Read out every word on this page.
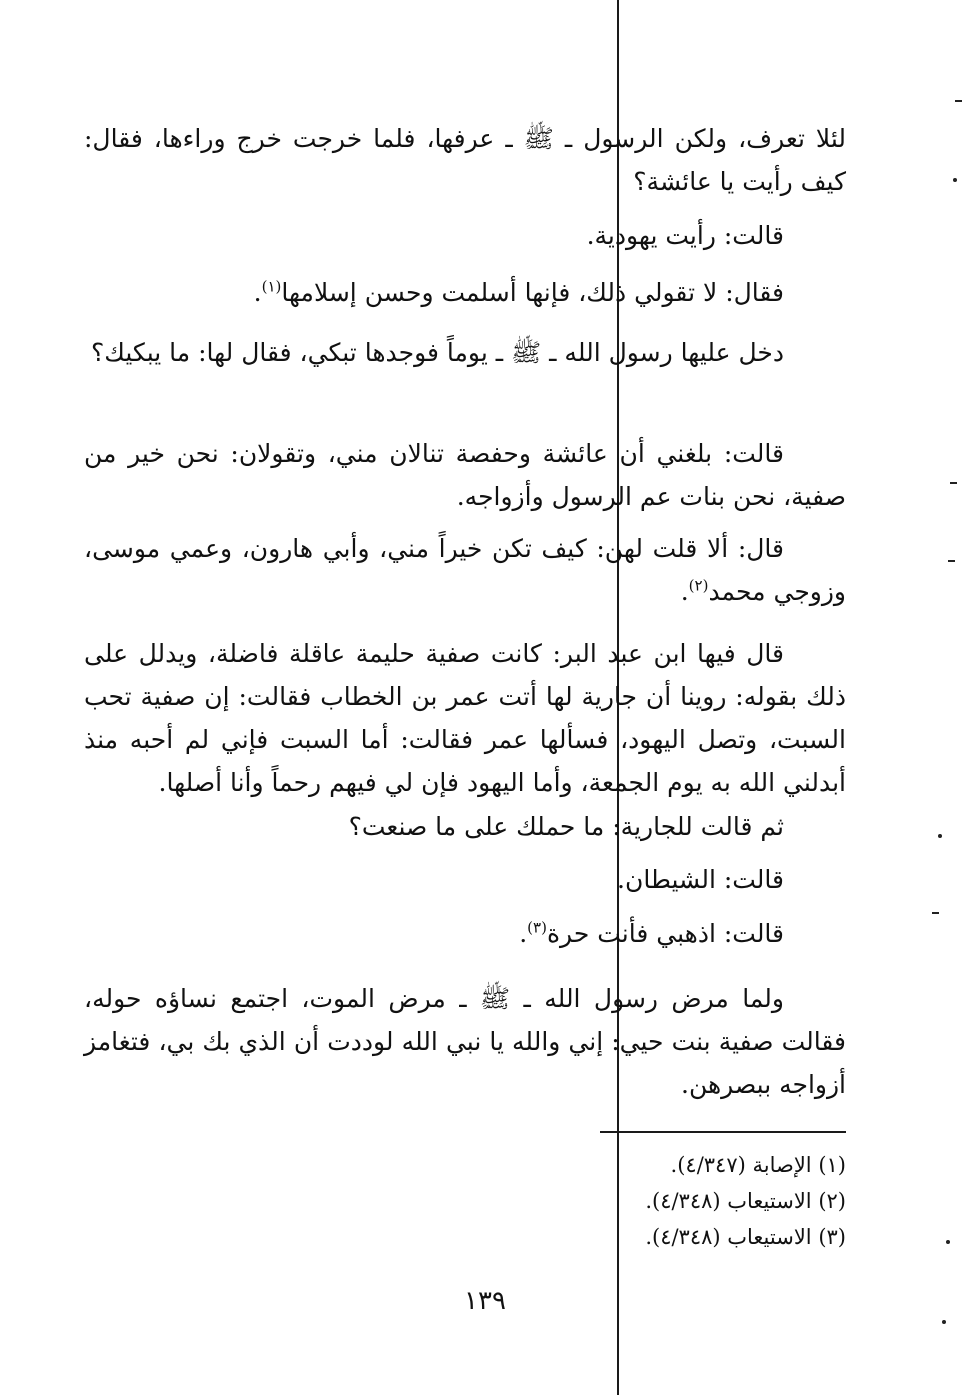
لئلا تعرف، ولكن الرسول ـ ﷺ ـ عرفها، فلما خرجت خرج وراءها، فقال: كيف رأيت يا عائشة؟

قالت: رأيت يهودية.

فقال: لا تقولي ذلك، فإنها أسلمت وحسن إسلامها$^{(١)}$.

دخل عليها رسول الله ـ ﷺ ـ يوماً فوجدها تبكي، فقال لها: ما يبكيك؟

قالت: بلغني أن عائشة وحفصة تنالان مني، وتقولان: نحن خير من صفية، نحن بنات عم الرسول وأزواجه.

قال: ألا قلت لهن: كيف تكن خيراً مني، وأبي هارون، وعمي موسى، وزوجي محمد$^{(٢)}$.

قال فيها ابن عبد البر: كانت صفية حليمة عاقلة فاضلة، ويدلل على ذلك بقوله: روينا أن جارية لها أتت عمر بن الخطاب فقالت: إن صفية تحب السبت، وتصل اليهود، فسألها عمر فقالت: أما السبت فإني لم أحبه منذ أبدلني الله به يوم الجمعة، وأما اليهود فإن لي فيهم رحماً وأنا أصلها.

ثم قالت للجارية: ما حملك على ما صنعت؟

قالت: الشيطان.

قالت: اذهبي فأنت حرة$^{(٣)}$.

ولما مرض رسول الله ـ ﷺ ـ مرض الموت، اجتمع نساؤه حوله، فقالت صفية بنت حيي: إني والله يا نبي الله لوددت أن الذي بك بي، فتغامز أزواجه ببصرهن.

(١) الإصابة (٤/٣٤٧).

(٢) الاستيعاب (٤/٣٤٨).

(٣) الاستيعاب (٤/٣٤٨).

١٣٩
